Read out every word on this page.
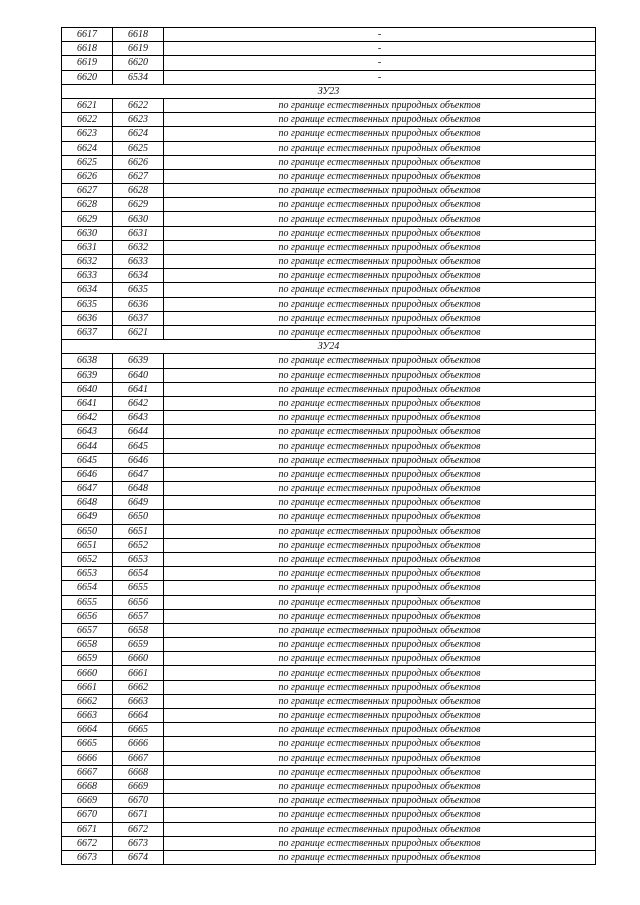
6617	6618	-
6618	6619	-
6619	6620	-
6620	6534	-
ЗУ23		
6621	6622	по границе естественных природных объектов
6622	6623	по границе естественных природных объектов
6623	6624	по границе естественных природных объектов
6624	6625	по границе естественных природных объектов
6625	6626	по границе естественных природных объектов
6626	6627	по границе естественных природных объектов
6627	6628	по границе естественных природных объектов
6628	6629	по границе естественных природных объектов
6629	6630	по границе естественных природных объектов
6630	6631	по границе естественных природных объектов
6631	6632	по границе естественных природных объектов
6632	6633	по границе естественных природных объектов
6633	6634	по границе естественных природных объектов
6634	6635	по границе естественных природных объектов
6635	6636	по границе естественных природных объектов
6636	6637	по границе естественных природных объектов
6637	6621	по границе естественных природных объектов
ЗУ24		
6638	6639	по границе естественных природных объектов
6639	6640	по границе естественных природных объектов
6640	6641	по границе естественных природных объектов
6641	6642	по границе естественных природных объектов
6642	6643	по границе естественных природных объектов
6643	6644	по границе естественных природных объектов
6644	6645	по границе естественных природных объектов
6645	6646	по границе естественных природных объектов
6646	6647	по границе естественных природных объектов
6647	6648	по границе естественных природных объектов
6648	6649	по границе естественных природных объектов
6649	6650	по границе естественных природных объектов
6650	6651	по границе естественных природных объектов
6651	6652	по границе естественных природных объектов
6652	6653	по границе естественных природных объектов
6653	6654	по границе естественных природных объектов
6654	6655	по границе естественных природных объектов
6655	6656	по границе естественных природных объектов
6656	6657	по границе естественных природных объектов
6657	6658	по границе естественных природных объектов
6658	6659	по границе естественных природных объектов
6659	6660	по границе естественных природных объектов
6660	6661	по границе естественных природных объектов
6661	6662	по границе естественных природных объектов
6662	6663	по границе естественных природных объектов
6663	6664	по границе естественных природных объектов
6664	6665	по границе естественных природных объектов
6665	6666	по границе естественных природных объектов
6666	6667	по границе естественных природных объектов
6667	6668	по границе естественных природных объектов
6668	6669	по границе естественных природных объектов
6669	6670	по границе естественных природных объектов
6670	6671	по границе естественных природных объектов
6671	6672	по границе естественных природных объектов
6672	6673	по границе естественных природных объектов
6673	6674	по границе естественных природных объектов
